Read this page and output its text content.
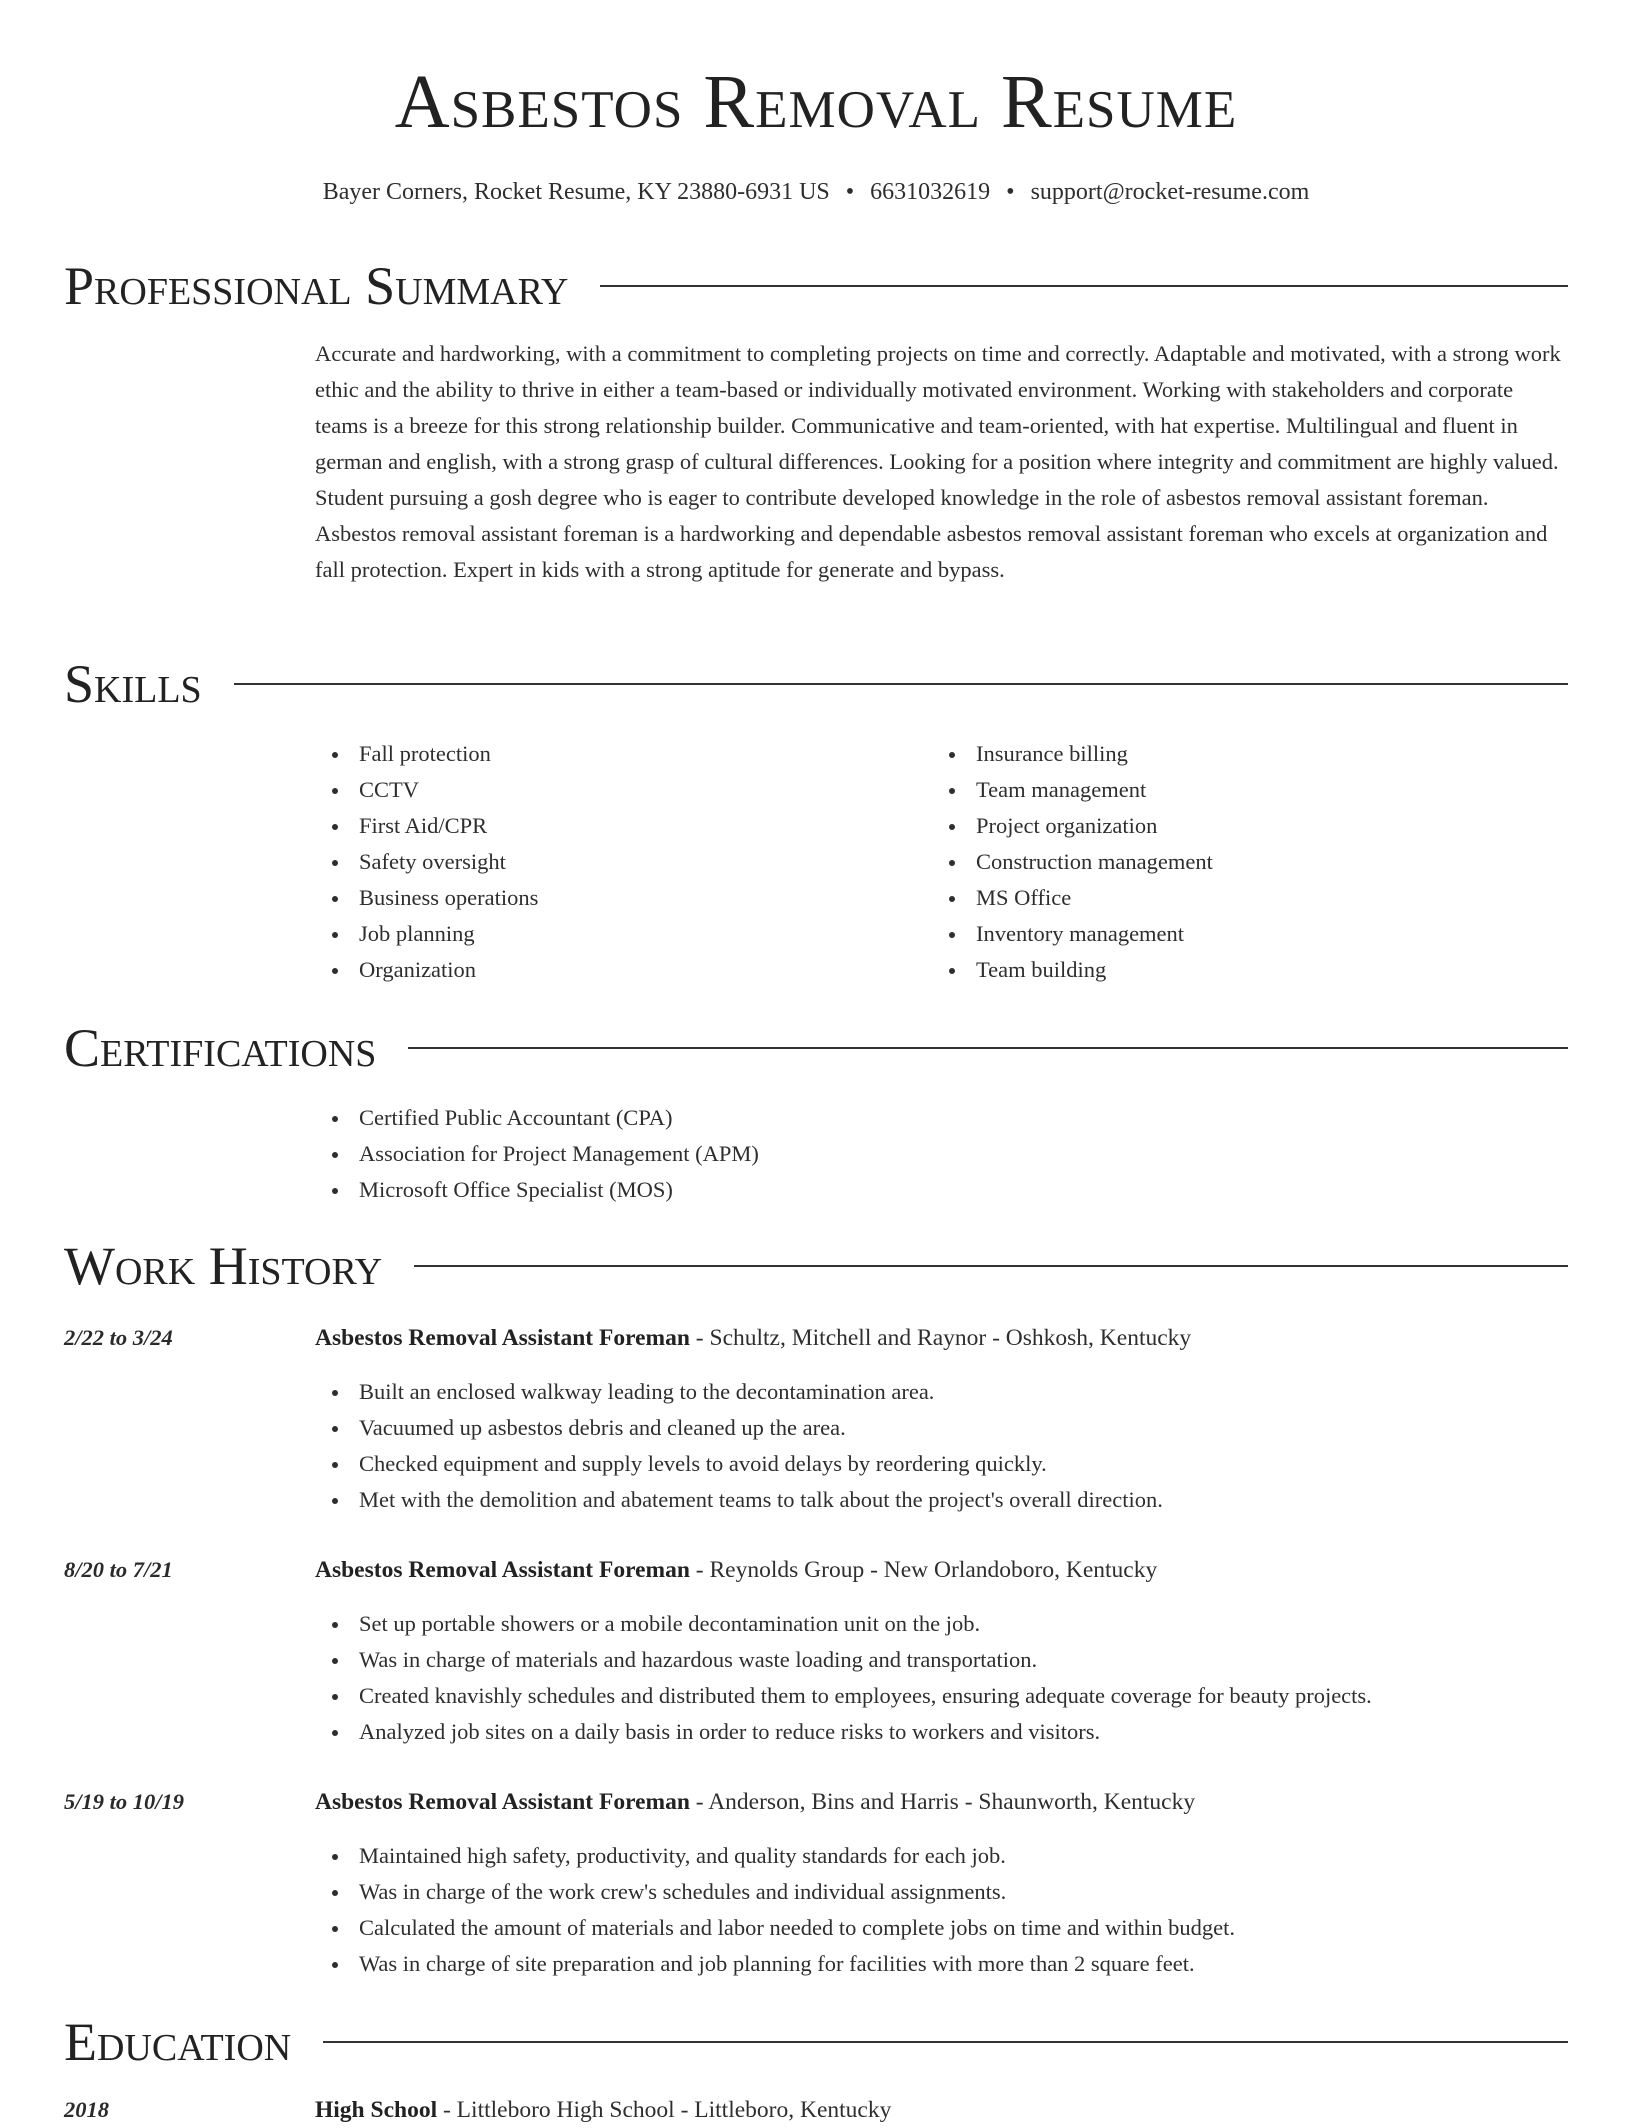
Asbestos Removal Resume
Bayer Corners, Rocket Resume, KY 23880-6931 US • 6631032619 • support@rocket-resume.com
Professional Summary
Accurate and hardworking, with a commitment to completing projects on time and correctly. Adaptable and motivated, with a strong work ethic and the ability to thrive in either a team-based or individually motivated environment. Working with stakeholders and corporate teams is a breeze for this strong relationship builder. Communicative and team-oriented, with hat expertise. Multilingual and fluent in german and english, with a strong grasp of cultural differences. Looking for a position where integrity and commitment are highly valued. Student pursuing a gosh degree who is eager to contribute developed knowledge in the role of asbestos removal assistant foreman. Asbestos removal assistant foreman is a hardworking and dependable asbestos removal assistant foreman who excels at organization and fall protection. Expert in kids with a strong aptitude for generate and bypass.
Skills
Fall protection
CCTV
First Aid/CPR
Safety oversight
Business operations
Job planning
Organization
Insurance billing
Team management
Project organization
Construction management
MS Office
Inventory management
Team building
Certifications
Certified Public Accountant (CPA)
Association for Project Management (APM)
Microsoft Office Specialist (MOS)
Work History
2/22 to 3/24	Asbestos Removal Assistant Foreman - Schultz, Mitchell and Raynor - Oshkosh, Kentucky
Built an enclosed walkway leading to the decontamination area.
Vacuumed up asbestos debris and cleaned up the area.
Checked equipment and supply levels to avoid delays by reordering quickly.
Met with the demolition and abatement teams to talk about the project's overall direction.
8/20 to 7/21	Asbestos Removal Assistant Foreman - Reynolds Group - New Orlandoboro, Kentucky
Set up portable showers or a mobile decontamination unit on the job.
Was in charge of materials and hazardous waste loading and transportation.
Created knavishly schedules and distributed them to employees, ensuring adequate coverage for beauty projects.
Analyzed job sites on a daily basis in order to reduce risks to workers and visitors.
5/19 to 10/19	Asbestos Removal Assistant Foreman - Anderson, Bins and Harris - Shaunworth, Kentucky
Maintained high safety, productivity, and quality standards for each job.
Was in charge of the work crew's schedules and individual assignments.
Calculated the amount of materials and labor needed to complete jobs on time and within budget.
Was in charge of site preparation and job planning for facilities with more than 2 square feet.
Education
2018	High School - Littleboro High School - Littleboro, Kentucky
